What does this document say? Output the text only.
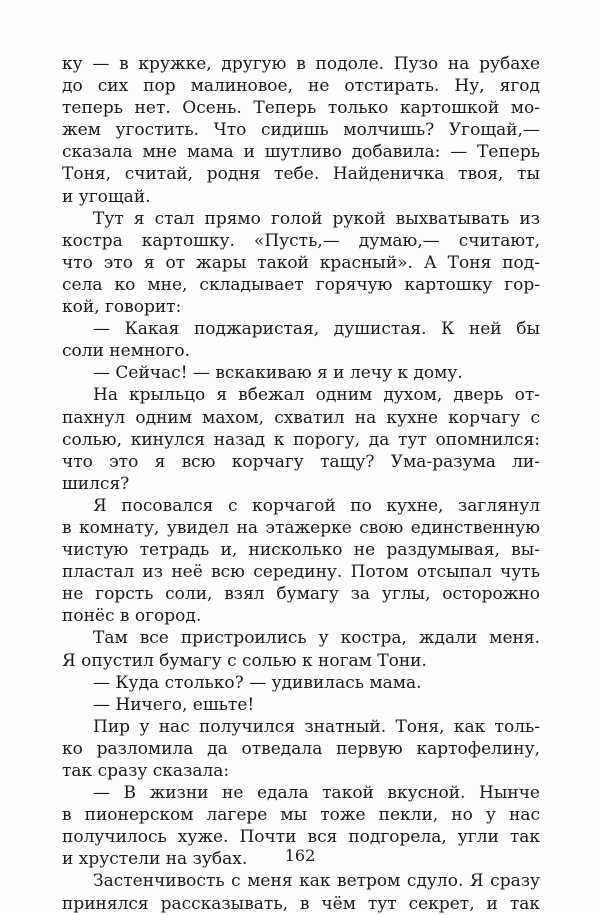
ку — в кружке, другую в подоле. Пузо на рубахе
до сих пор малиновое, не отстирать. Ну, ягод
теперь нет. Осень. Теперь только картошкой мо-
жем угостить. Что сидишь молчишь? Угощай,—
сказала мне мама и шутливо добавила: — Теперь
Тоня, считай, родня тебе. Найденичка твоя, ты
и угощай.
Тут я стал прямо голой рукой выхватывать из
костра картошку. «Пусть,— думаю,— считают,
что это я от жары такой красный». А Тоня под-
села ко мне, складывает горячую картошку гор-
кой, говорит:
— Какая поджаристая, душистая. К ней бы
соли немного.
— Сейчас! — вскакиваю я и лечу к дому.
На крыльцо я вбежал одним духом, дверь от-
пахнул одним махом, схватил на кухне корчагу с
солью, кинулся назад к порогу, да тут опомнился:
что это я всю корчагу тащу? Ума-разума ли-
шился?
Я посовался с корчагой по кухне, заглянул
в комнату, увидел на этажерке свою единственную
чистую тетрадь и, нисколько не раздумывая, вы-
пластал из неё всю середину. Потом отсыпал чуть
не горсть соли, взял бумагу за углы, осторожно
понёс в огород.
Там все пристроились у костра, ждали меня.
Я опустил бумагу с солью к ногам Тони.
— Куда столько? — удивилась мама.
— Ничего, ешьте!
Пир у нас получился знатный. Тоня, как толь-
ко разломила да отведала первую картофелину,
так сразу сказала:
— В жизни не едала такой вкусной. Нынче
в пионерском лагере мы тоже пекли, но у нас
получилось хуже. Почти вся подгорела, угли так
и хрустели на зубах.
Застенчивость с меня как ветром сдуло. Я сразу
принялся рассказывать, в чём тут секрет, и так
162
